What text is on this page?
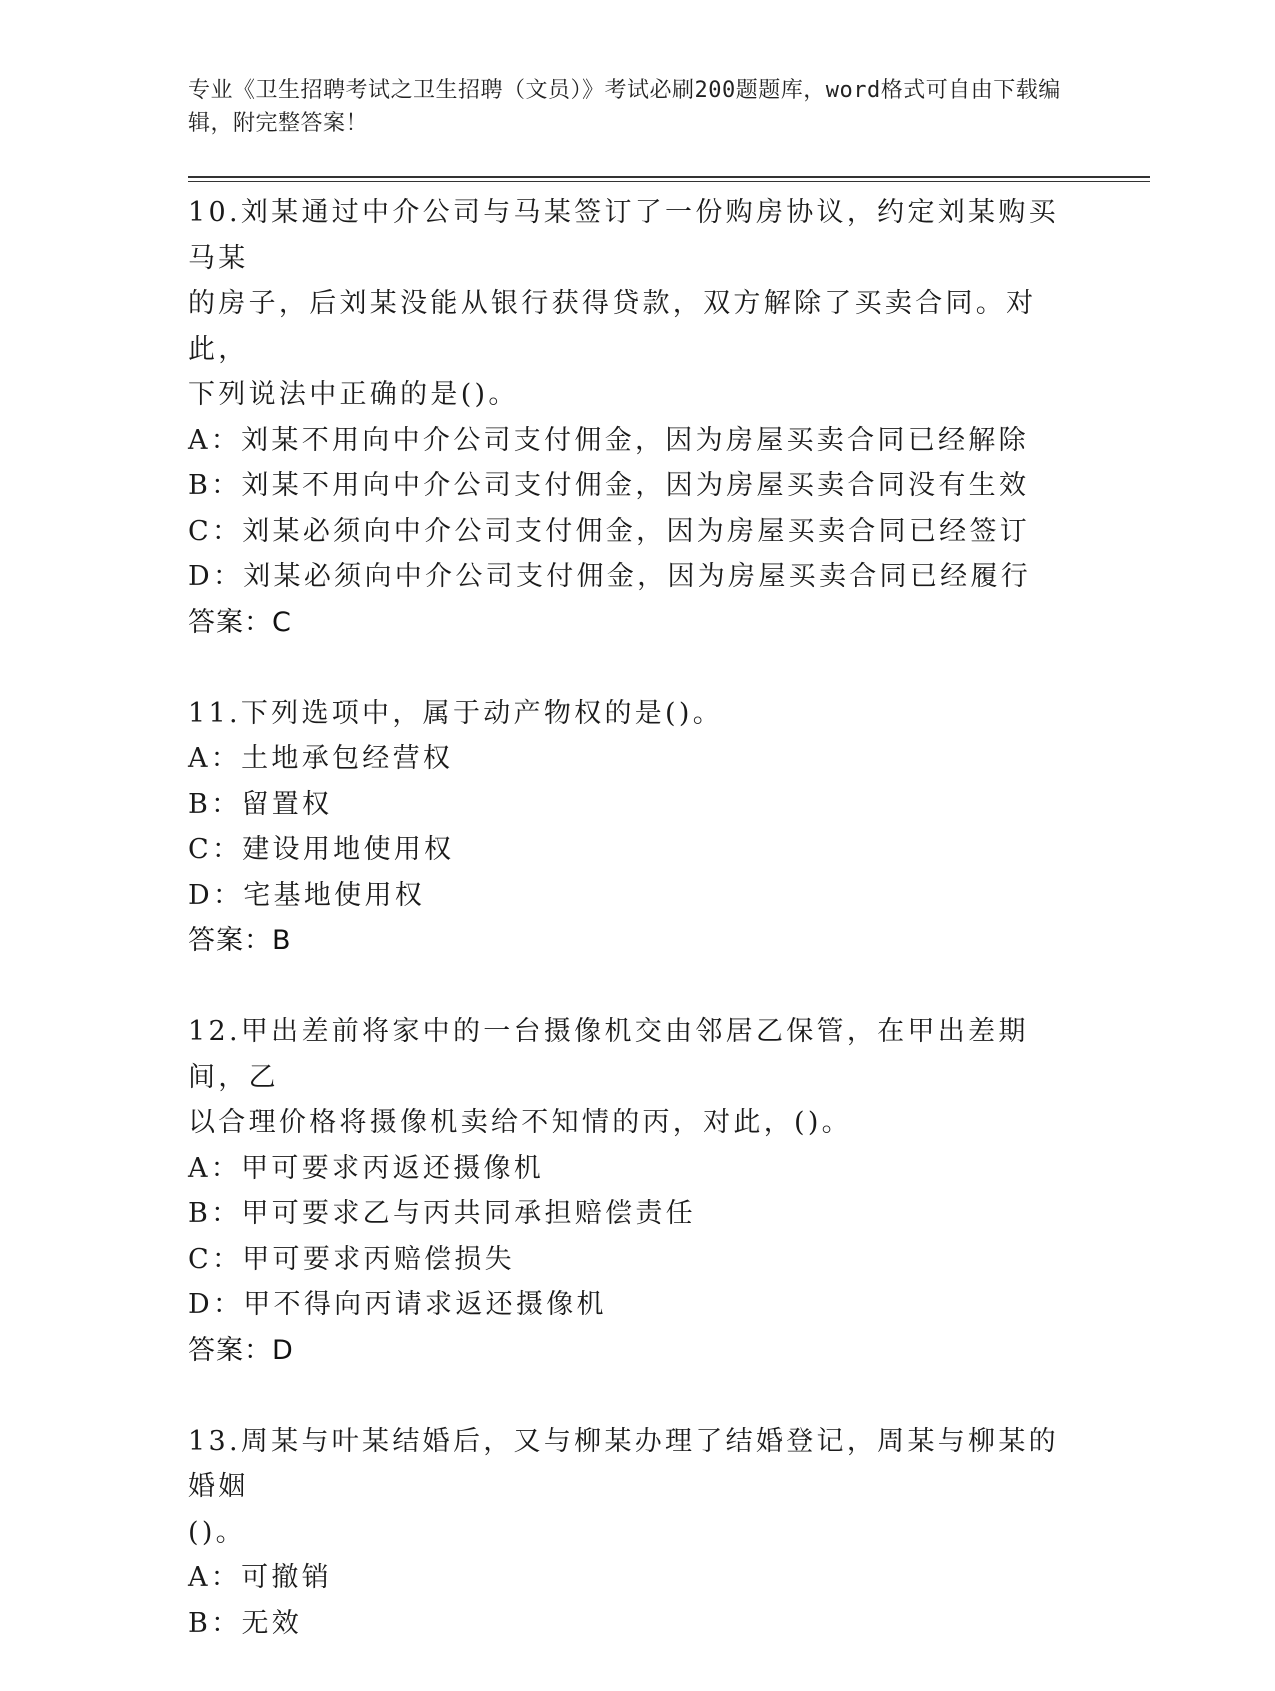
专业《卫生招聘考试之卫生招聘（文员）》考试必刷200题题库，word格式可自由下载编辑，附完整答案！

10.刘某通过中介公司与马某签订了一份购房协议，约定刘某购买马某

的房子，后刘某没能从银行获得贷款，双方解除了买卖合同。对此，

下列说法中正确的是()。

A：刘某不用向中介公司支付佣金，因为房屋买卖合同已经解除

B：刘某不用向中介公司支付佣金，因为房屋买卖合同没有生效

C：刘某必须向中介公司支付佣金，因为房屋买卖合同已经签订

D：刘某必须向中介公司支付佣金，因为房屋买卖合同已经履行

答案：C

11.下列选项中，属于动产物权的是()。

A：土地承包经营权

B：留置权

C：建设用地使用权

D：宅基地使用权

答案：B

12.甲出差前将家中的一台摄像机交由邻居乙保管，在甲出差期间，乙

以合理价格将摄像机卖给不知情的丙，对此，()。

A：甲可要求丙返还摄像机

B：甲可要求乙与丙共同承担赔偿责任

C：甲可要求丙赔偿损失

D：甲不得向丙请求返还摄像机

答案：D

13.周某与叶某结婚后，又与柳某办理了结婚登记，周某与柳某的婚姻

()。

A：可撤销

B：无效
